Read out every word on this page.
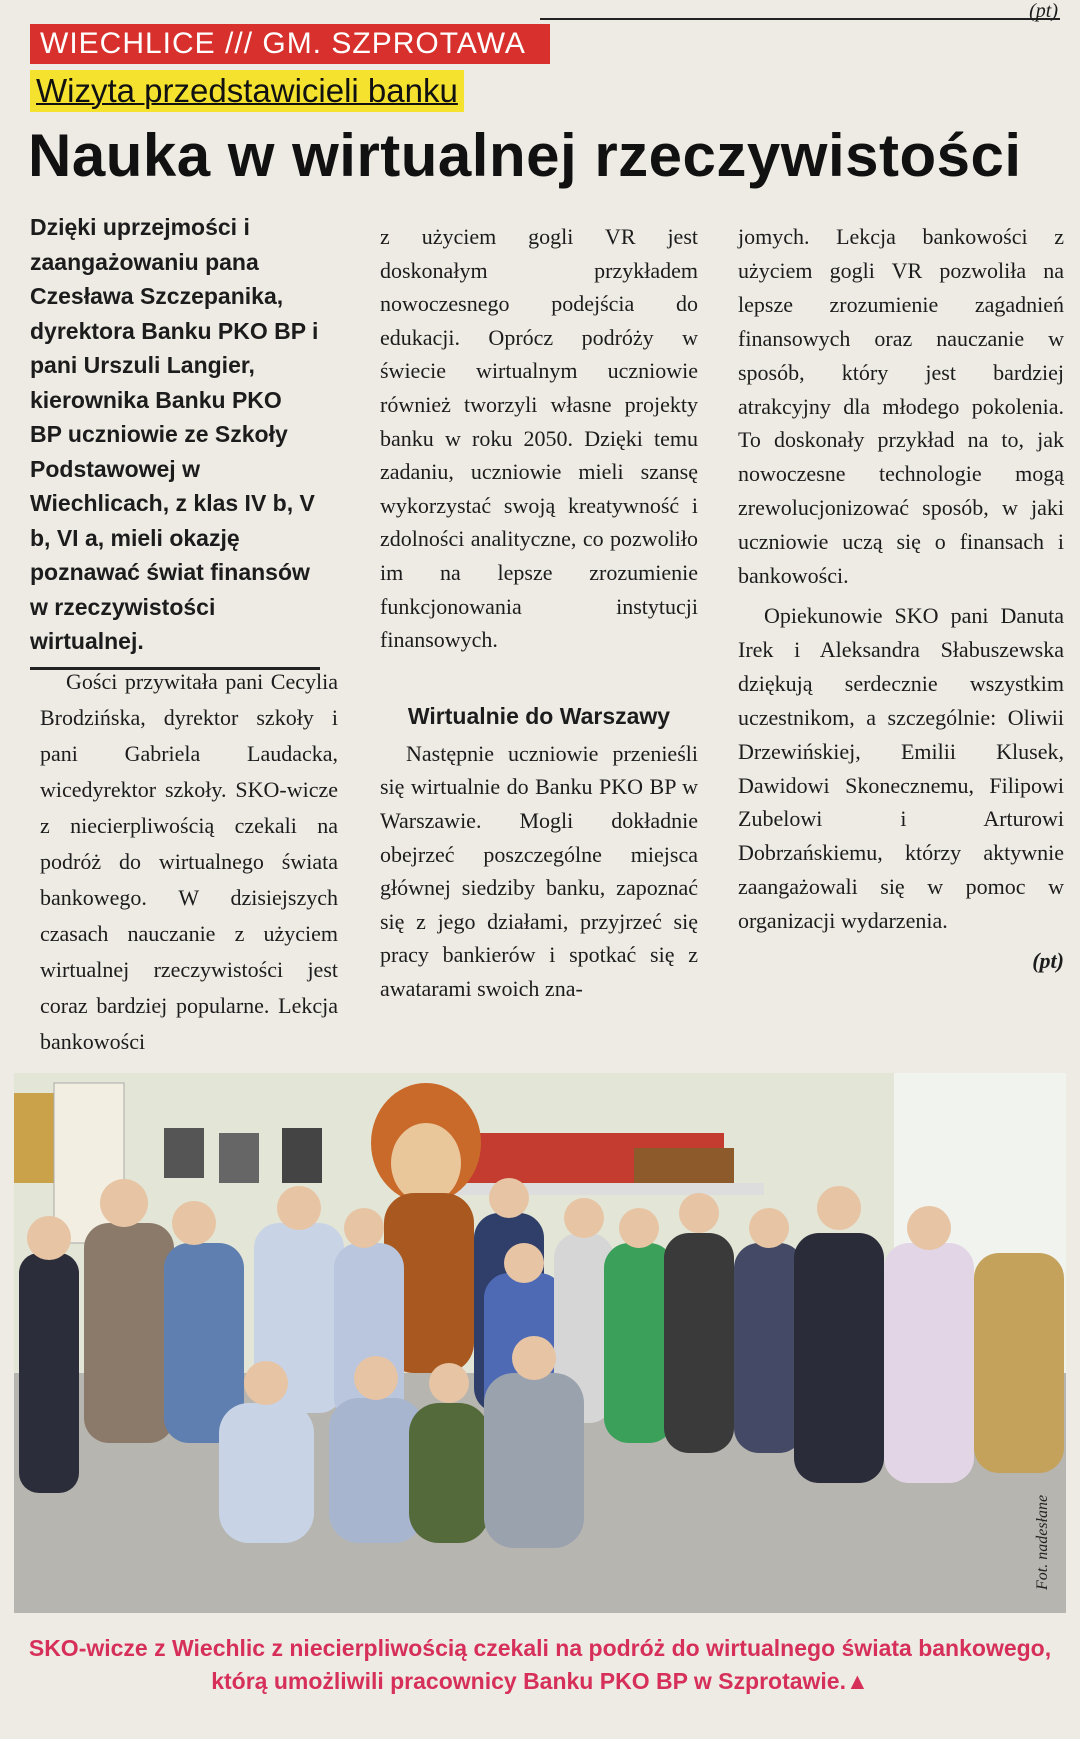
(pt)
WIECHLICE /// GM. SZPROTAWA
Wizyta przedstawicieli banku
Nauka w wirtualnej rzeczywistości

Dzięki uprzejmości i zaangażowaniu pana Czesława Szczepanika, dyrektora Banku PKO BP i pani Urszuli Langier, kierownika Banku PKO BP uczniowie ze Szkoły Podstawowej w Wiechlicach, z klas IV b, V b, VI a, mieli okazję poznawać świat finansów w rzeczywistości wirtualnej.

Gości przywitała pani Cecylia Brodzińska, dyrektor szkoły i pani Gabriela Laudacka, wicedyrektor szkoły. SKO-wicze z niecierpliwością czekali na podróż do wirtualnego świata bankowego. W dzisiejszych czasach nauczanie z użyciem wirtualnej rzeczywistości jest coraz bardziej popularne. Lekcja bankowości

z użyciem gogli VR jest doskonałym przykładem nowoczesnego podejścia do edukacji. Oprócz podróży w świecie wirtualnym uczniowie również tworzyli własne projekty banku w roku 2050. Dzięki temu zadaniu, uczniowie mieli szansę wykorzystać swoją kreatywność i zdolności analityczne, co pozwoliło im na lepsze zrozumienie funkcjonowania instytucji finansowych.

Wirtualnie do Warszawy

Następnie uczniowie przenieśli się wirtualnie do Banku PKO BP w Warszawie. Mogli dokładnie obejrzeć poszczególne miejsca głównej siedziby banku, zapoznać się z jego działami, przyjrzeć się pracy bankierów i spotkać się z awatarami swoich zna-

jomych. Lekcja bankowości z użyciem gogli VR pozwoliła na lepsze zrozumienie zagadnień finansowych oraz nauczanie w sposób, który jest bardziej atrakcyjny dla młodego pokolenia. To doskonały przykład na to, jak nowoczesne technologie mogą zrewolucjonizować sposób, w jaki uczniowie uczą się o finansach i bankowości.

Opiekunowie SKO pani Danuta Irek i Aleksandra Słabuszewska dziękują serdecznie wszystkim uczestnikom, a szczególnie: Oliwii Drzewińskiej, Emilii Klusek, Dawidowi Skonecznemu, Filipowi Zubelowi i Arturowi Dobrzańskiemu, którzy aktywnie zaangażowali się w pomoc w organizacji wydarzenia.

(pt)
Fot. nadesłane
SKO-wicze z Wiechlic z niecierpliwością czekali na podróż do wirtualnego świata bankowego, którą umożliwili pracownicy Banku PKO BP w Szprotawie.▲
